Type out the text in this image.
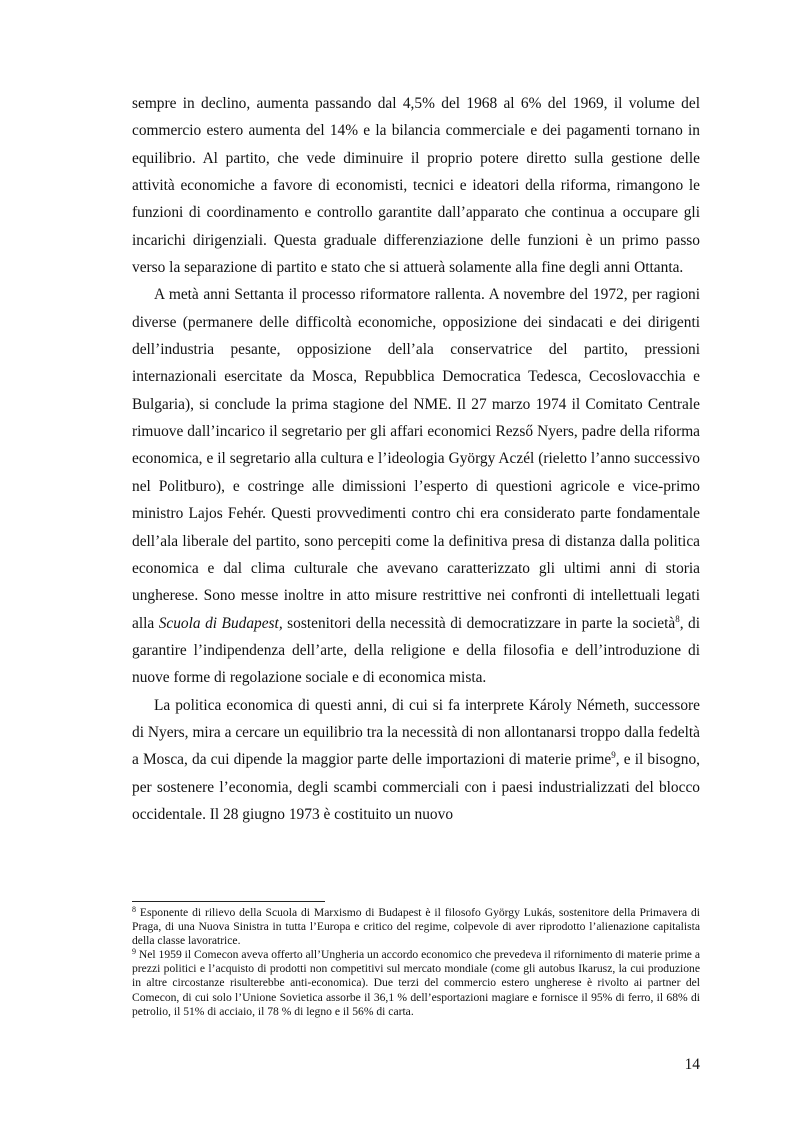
sempre in declino, aumenta passando dal 4,5% del 1968 al 6% del 1969, il volume del commercio estero aumenta del 14% e la bilancia commerciale e dei pagamenti tornano in equilibrio. Al partito, che vede diminuire il proprio potere diretto sulla gestione delle attività economiche a favore di economisti, tecnici e ideatori della riforma, rimangono le funzioni di coordinamento e controllo garantite dall’apparato che continua a occupare gli incarichi dirigenziali. Questa graduale differenziazione delle funzioni è un primo passo verso la separazione di partito e stato che si attuerà solamente alla fine degli anni Ottanta.

A metà anni Settanta il processo riformatore rallenta. A novembre del 1972, per ragioni diverse (permanere delle difficoltà economiche, opposizione dei sindacati e dei dirigenti dell’industria pesante, opposizione dell’ala conservatrice del partito, pressioni internazionali esercitate da Mosca, Repubblica Democratica Tedesca, Cecoslovacchia e Bulgaria), si conclude la prima stagione del NME. Il 27 marzo 1974 il Comitato Centrale rimuove dall’incarico il segretario per gli affari economici Rezső Nyers, padre della riforma economica, e il segretario alla cultura e l’ideologia György Aczél (rieletto l’anno successivo nel Politburo), e costringe alle dimissioni l’esperto di questioni agricole e vice-primo ministro Lajos Fehér. Questi provvedimenti contro chi era considerato parte fondamentale dell’ala liberale del partito, sono percepiti come la definitiva presa di distanza dalla politica economica e dal clima culturale che avevano caratterizzato gli ultimi anni di storia ungherese. Sono messe inoltre in atto misure restrittive nei confronti di intellettuali legati alla Scuola di Budapest, sostenitori della necessità di democratizzare in parte la società$^8$, di garantire l’indipendenza dell’arte, della religione e della filosofia e dell’introduzione di nuove forme di regolazione sociale e di economica mista.

La politica economica di questi anni, di cui si fa interprete Károly Németh, successore di Nyers, mira a cercare un equilibrio tra la necessità di non allontanarsi troppo dalla fedeltà a Mosca, da cui dipende la maggior parte delle importazioni di materie prime$^9$, e il bisogno, per sostenere l’economia, degli scambi commerciali con i paesi industrializzati del blocco occidentale. Il 28 giugno 1973 è costituito un nuovo

$^8$ Esponente di rilievo della Scuola di Marxismo di Budapest è il filosofo György Lukás, sostenitore della Primavera di Praga, di una Nuova Sinistra in tutta l’Europa e critico del regime, colpevole di aver riprodotto l’alienazione capitalista della classe lavoratrice.

$^9$ Nel 1959 il Comecon aveva offerto all’Ungheria un accordo economico che prevedeva il rifornimento di materie prime a prezzi politici e l’acquisto di prodotti non competitivi sul mercato mondiale (come gli autobus Ikarusz, la cui produzione in altre circostanze risulterebbe anti-economica). Due terzi del commercio estero ungherese è rivolto ai partner del Comecon, di cui solo l’Unione Sovietica assorbe il 36,1 % dell’esportazioni magiare e fornisce il 95% di ferro, il 68% di petrolio, il 51% di acciaio, il 78 % di legno e il 56% di carta.

14
